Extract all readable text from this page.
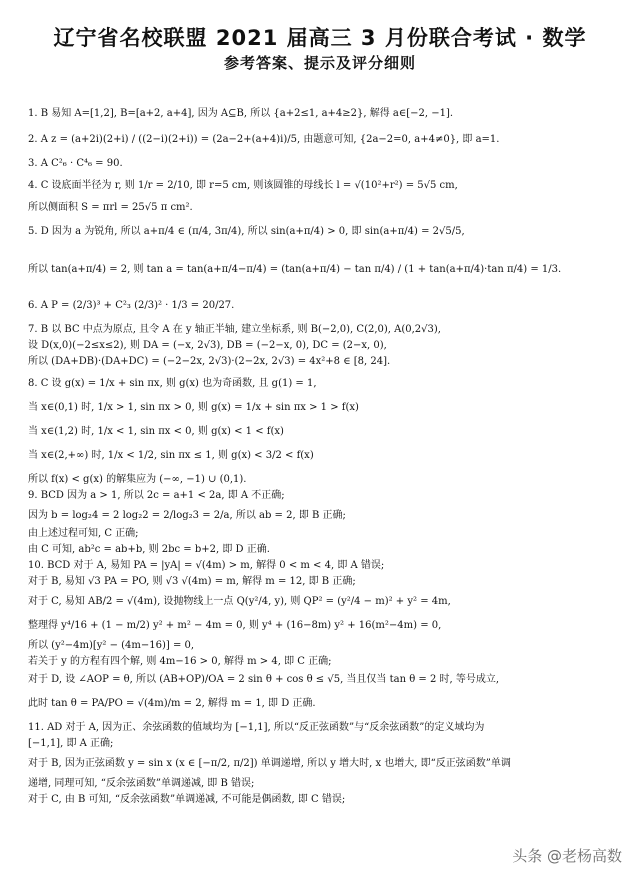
辽宁省名校联盟 2021 届高三 3 月份联合考试 · 数学
参考答案、提示及评分细则
1. B 易知 A=[1,2], B=[a+2, a+4], 因为 A⊆B, 所以 {a+2≤1, a+4≥2}, 解得 a∈[−2, −1].
2. A z = (a+2i)(2+i) / ((2−i)(2+i)) = (2a−2+(a+4)i)/5, 由题意可知, {2a−2=0, a+4≠0}, 即 a=1.
3. A C²₆ · C⁴₆ = 90.
4. C 设底面半径为 r, 则 1/r = 2/10, 即 r=5 cm, 则该圆锥的母线长 l = √(10²+r²) = 5√5 cm,
所以侧面积 S = πrl = 25√5 π cm².
5. D 因为 a 为锐角, 所以 a+π/4 ∈ (π/4, 3π/4), 所以 sin(a+π/4) > 0, 即 sin(a+π/4) = 2√5/5,
所以 tan(a+π/4) = 2, 则 tan a = tan(a+π/4−π/4) = (tan(a+π/4) − tan π/4) / (1 + tan(a+π/4)·tan π/4) = 1/3.
6. A P = (2/3)³ + C²₃ (2/3)² · 1/3 = 20/27.
7. B 以 BC 中点为原点, 且令 A 在 y 轴正半轴, 建立坐标系, 则 B(−2,0), C(2,0), A(0,2√3),
设 D(x,0)(−2≤x≤2), 则 DA = (−x, 2√3), DB = (−2−x, 0), DC = (2−x, 0),
所以 (DA+DB)·(DA+DC) = (−2−2x, 2√3)·(2−2x, 2√3) = 4x²+8 ∈ [8, 24].
8. C 设 g(x) = 1/x + sin πx, 则 g(x) 也为奇函数, 且 g(1) = 1,
当 x∈(0,1) 时, 1/x > 1, sin πx > 0, 则 g(x) = 1/x + sin πx > 1 > f(x)
当 x∈(1,2) 时, 1/x < 1, sin πx < 0, 则 g(x) < 1 < f(x)
当 x∈(2,+∞) 时, 1/x < 1/2, sin πx ≤ 1, 则 g(x) < 3/2 < f(x)
所以 f(x) < g(x) 的解集应为 (−∞, −1) ∪ (0,1).
9. BCD 因为 a > 1, 所以 2c = a+1 < 2a, 即 A 不正确;
因为 b = log₂4 = 2 log₂2 = 2/log₂3 = 2/a, 所以 ab = 2, 即 B 正确;
由上述过程可知, C 正确;
由 C 可知, ab²c = ab+b, 则 2bc = b+2, 即 D 正确.
10. BCD 对于 A, 易知 PA = |yA| = √(4m) > m, 解得 0 < m < 4, 即 A 错误;
对于 B, 易知 √3 PA = PO, 则 √3 √(4m) = m, 解得 m = 12, 即 B 正确;
对于 C, 易知 AB/2 = √(4m), 设抛物线上一点 Q(y²/4, y), 则 QP² = (y²/4 − m)² + y² = 4m,
整理得 y⁴/16 + (1 − m/2) y² + m² − 4m = 0, 则 y⁴ + (16−8m) y² + 16(m²−4m) = 0,
所以 (y²−4m)[y² − (4m−16)] = 0,
若关于 y 的方程有四个解, 则 4m−16 > 0, 解得 m > 4, 即 C 正确;
对于 D, 设 ∠AOP = θ, 所以 (AB+OP)/OA = 2 sin θ + cos θ ≤ √5, 当且仅当 tan θ = 2 时, 等号成立,
此时 tan θ = PA/PO = √(4m)/m = 2, 解得 m = 1, 即 D 正确.
11. AD 对于 A, 因为正、余弦函数的值域均为 [−1,1], 所以“反正弦函数”与“反余弦函数”的定义域均为
[−1,1], 即 A 正确;
对于 B, 因为正弦函数 y = sin x (x ∈ [−π/2, π/2]) 单调递增, 所以 y 增大时, x 也增大, 即“反正弦函数”单调
递增, 同理可知, “反余弦函数”单调递减, 即 B 错误;
对于 C, 由 B 可知, “反余弦函数”单调递减, 不可能是偶函数, 即 C 错误;
头条 @老杨高数
